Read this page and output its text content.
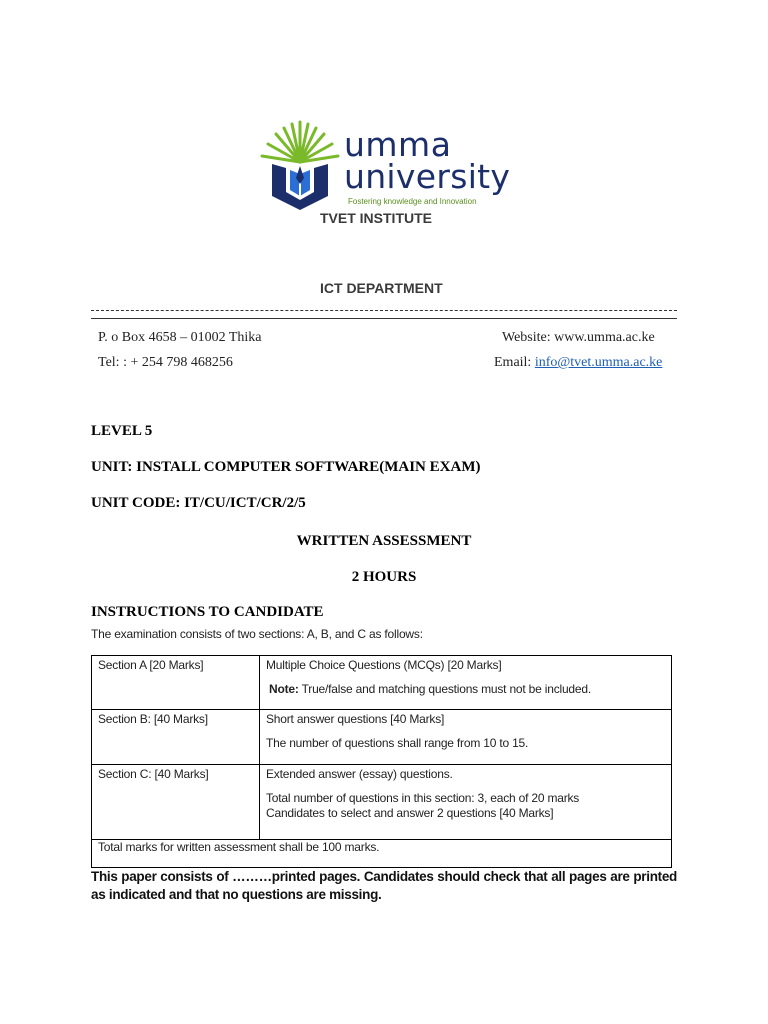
umma
university
Fostering knowledge and Innovation
TVET INSTITUTE
ICT DEPARTMENT
P. o Box 4658 – 01002 Thika
Tel: : + 254 798 468256
Website: www.umma.ac.ke
Email: info@tvet.umma.ac.ke
LEVEL 5
UNIT: INSTALL COMPUTER SOFTWARE(MAIN EXAM)
UNIT CODE: IT/CU/ICT/CR/2/5
WRITTEN ASSESSMENT
2 HOURS
INSTRUCTIONS TO CANDIDATE
The examination consists of two sections: A, B, and C as follows:

Section A [20 Marks]	Multiple Choice Questions (MCQs) [20 Marks]

Note: True/false and matching questions must not be included.

Section B: [40 Marks]	Short answer questions [40 Marks]

The number of questions shall range from 10 to 15.

Section C: [40 Marks]	Extended answer (essay) questions.

Total number of questions in this section: 3, each of 20 marks

Candidates to select and answer 2 questions [40 Marks]

Total marks for written assessment shall be 100 marks.	

This paper consists of ………printed pages. Candidates should check that all pages are printed as indicated and that no questions are missing.
